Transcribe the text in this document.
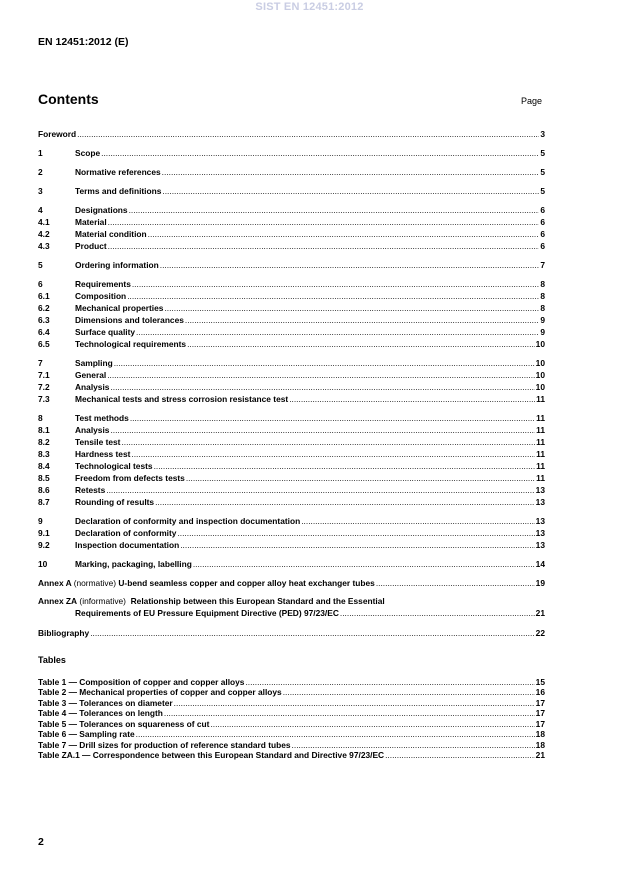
SIST EN 12451:2012
EN 12451:2012 (E)
Contents	Page
Foreword .....	3
1	Scope .....	5
2	Normative references .....	5
3	Terms and definitions .....	5
4	Designations .....	6
4.1	Material .....	6
4.2	Material condition .....	6
4.3	Product .....	6
5	Ordering information .....	7
6	Requirements .....	8
6.1	Composition .....	8
6.2	Mechanical properties .....	8
6.3	Dimensions and tolerances .....	9
6.4	Surface quality .....	9
6.5	Technological requirements .....	10
7	Sampling .....	10
7.1	General .....	10
7.2	Analysis .....	10
7.3	Mechanical tests and stress corrosion resistance test .....	11
8	Test methods .....	11
8.1	Analysis .....	11
8.2	Tensile test .....	11
8.3	Hardness test .....	11
8.4	Technological tests .....	11
8.5	Freedom from defects tests .....	11
8.6	Retests .....	13
8.7	Rounding of results .....	13
9	Declaration of conformity and inspection documentation .....	13
9.1	Declaration of conformity .....	13
9.2	Inspection documentation .....	13
10	Marking, packaging, labelling .....	14
Annex A (normative) U-bend seamless copper and copper alloy heat exchanger tubes .....	19
Annex ZA
(informative)
Relationship between this European Standard and the Essential
Requirements of EU Pressure Equipment Directive (PED) 97/23/EC .....	21
Bibliography .....	22
Tables
Table 1 — Composition of copper and copper alloys .....	15
Table 2 — Mechanical properties of copper and copper alloys .....	16
Table 3 — Tolerances on diameter .....	17
Table 4 — Tolerances on length .....	17
Table 5 — Tolerances on squareness of cut .....	17
Table 6 — Sampling rate .....	18
Table 7 — Drill sizes for production of reference standard tubes .....	18
Table ZA.1 — Correspondence between this European Standard and Directive 97/23/EC .....	21
2
